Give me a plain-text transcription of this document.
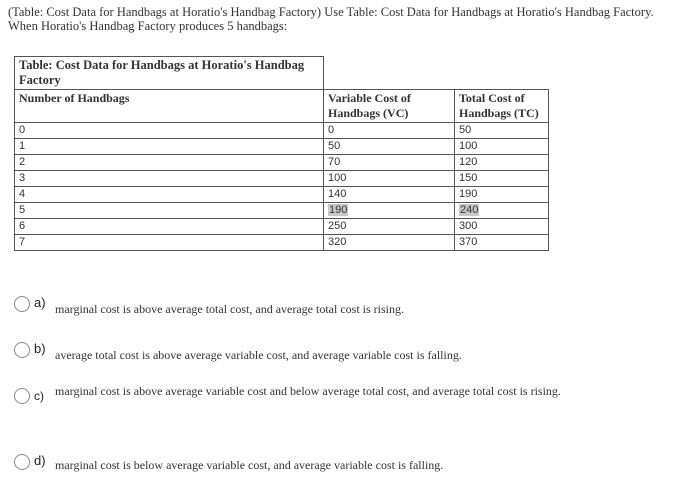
(Table: Cost Data for Handbags at Horatio's Handbag Factory) Use Table: Cost Data for Handbags at Horatio's Handbag Factory. When Horatio's Handbag Factory produces 5 handbags:
Table: Cost Data for Handbags at Horatio's Handbag Factory		

Number of Handbags	Variable Cost of Handbags (VC)	Total Cost of Handbags (TC)
0	0	50
1	50	100
2	70	120
3	100	150
4	140	190
5	190	240
6	250	300
7	320	370
a) marginal cost is above average total cost, and average total cost is rising.
b) average total cost is above average variable cost, and average variable cost is falling.
c) marginal cost is above average variable cost and below average total cost, and average total cost is rising.
d) marginal cost is below average variable cost, and average variable cost is falling.
